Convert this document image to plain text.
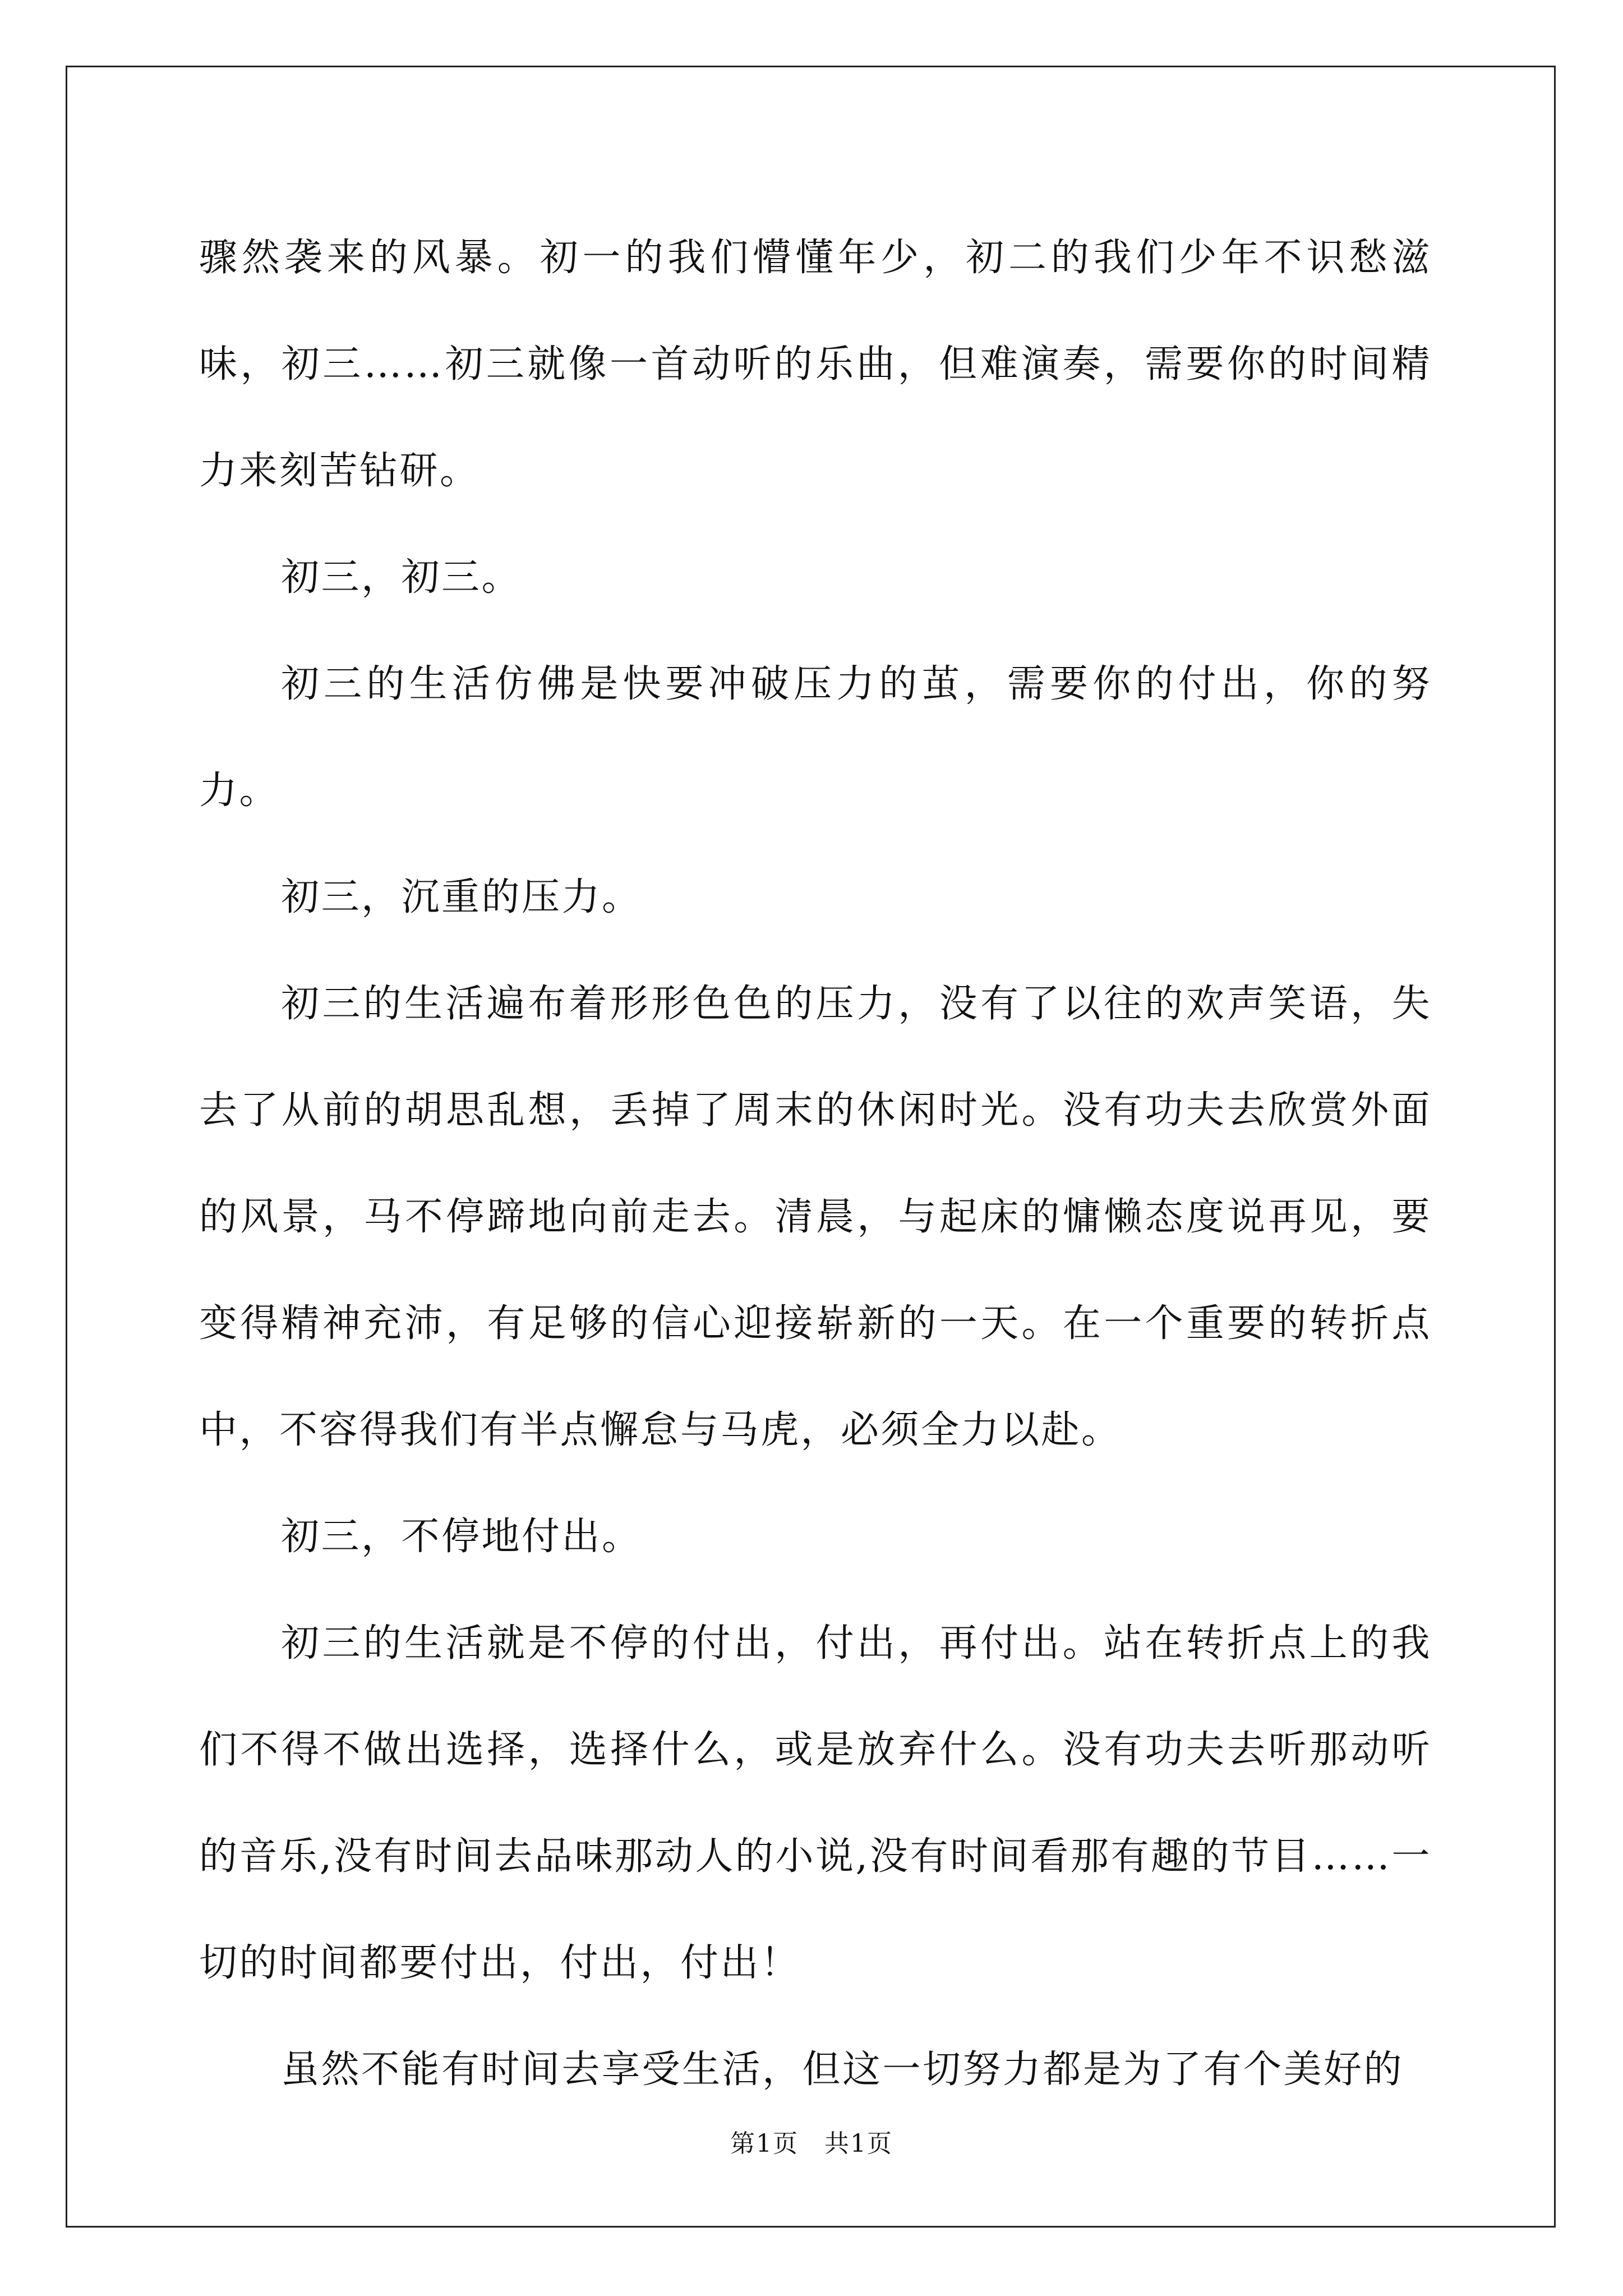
骤然袭来的风暴。初一的我们懵懂年少，初二的我们少年不识愁滋味，初三……初三就像一首动听的乐曲，但难演奏，需要你的时间精力来刻苦钻研。

初三，初三。

初三的生活仿佛是快要冲破压力的茧，需要你的付出，你的努力。

初三，沉重的压力。

初三的生活遍布着形形色色的压力，没有了以往的欢声笑语，失去了从前的胡思乱想，丢掉了周末的休闲时光。没有功夫去欣赏外面的风景，马不停蹄地向前走去。清晨，与起床的慵懒态度说再见，要变得精神充沛，有足够的信心迎接崭新的一天。在一个重要的转折点中，不容得我们有半点懈怠与马虎，必须全力以赴。

初三，不停地付出。

初三的生活就是不停的付出，付出，再付出。站在转折点上的我们不得不做出选择，选择什么，或是放弃什么。没有功夫去听那动听的音乐,没有时间去品味那动人的小说,没有时间看那有趣的节目……一切的时间都要付出，付出，付出！

虽然不能有时间去享受生活，但这一切努力都是为了有个美好的

第1页　共1页
